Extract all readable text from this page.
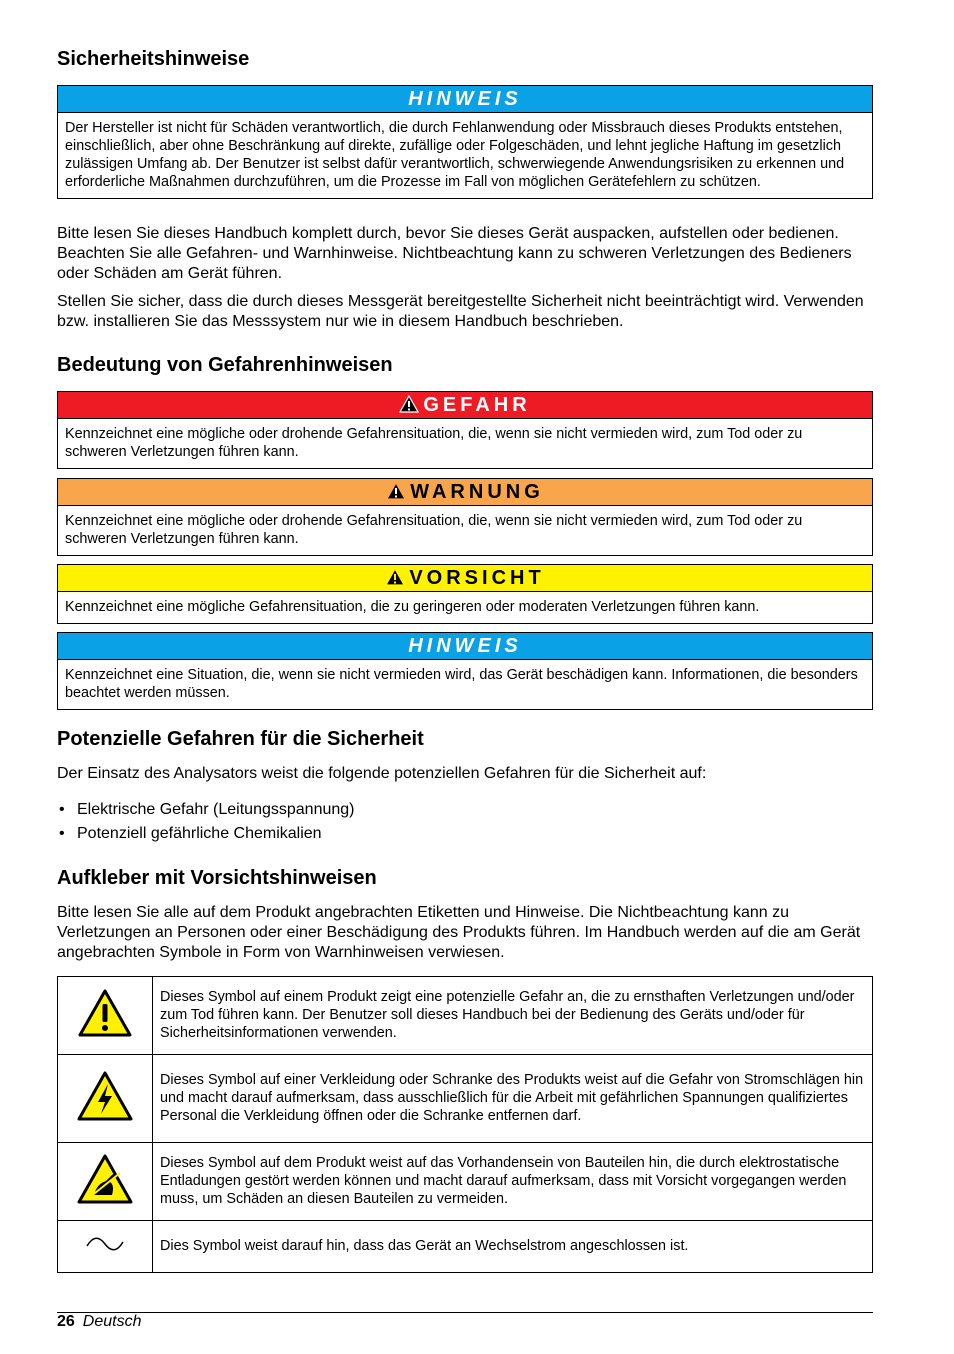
Sicherheitshinweise
HINWEIS
Der Hersteller ist nicht für Schäden verantwortlich, die durch Fehlanwendung oder Missbrauch dieses Produkts entstehen, einschließlich, aber ohne Beschränkung auf direkte, zufällige oder Folgeschäden, und lehnt jegliche Haftung im gesetzlich zulässigen Umfang ab. Der Benutzer ist selbst dafür verantwortlich, schwerwiegende Anwendungsrisiken zu erkennen und erforderliche Maßnahmen durchzuführen, um die Prozesse im Fall von möglichen Gerätefehlern zu schützen.

Bitte lesen Sie dieses Handbuch komplett durch, bevor Sie dieses Gerät auspacken, aufstellen oder bedienen. Beachten Sie alle Gefahren- und Warnhinweise. Nichtbeachtung kann zu schweren Verletzungen des Bedieners oder Schäden am Gerät führen.

Stellen Sie sicher, dass die durch dieses Messgerät bereitgestellte Sicherheit nicht beeinträchtigt wird. Verwenden bzw. installieren Sie das Messsystem nur wie in diesem Handbuch beschrieben.

Bedeutung von Gefahrenhinweisen
GEFAHR
Kennzeichnet eine mögliche oder drohende Gefahrensituation, die, wenn sie nicht vermieden wird, zum Tod oder zu schweren Verletzungen führen kann.
WARNUNG
Kennzeichnet eine mögliche oder drohende Gefahrensituation, die, wenn sie nicht vermieden wird, zum Tod oder zu schweren Verletzungen führen kann.
VORSICHT
Kennzeichnet eine mögliche Gefahrensituation, die zu geringeren oder moderaten Verletzungen führen kann.
HINWEIS
Kennzeichnet eine Situation, die, wenn sie nicht vermieden wird, das Gerät beschädigen kann. Informationen, die besonders beachtet werden müssen.
Potenzielle Gefahren für die Sicherheit

Der Einsatz des Analysators weist die folgende potenziellen Gefahren für die Sicherheit auf:

• Elektrische Gefahr (Leitungsspannung)
• Potenziell gefährliche Chemikalien
Aufkleber mit Vorsichtshinweisen

Bitte lesen Sie alle auf dem Produkt angebrachten Etiketten und Hinweise. Die Nichtbeachtung kann zu Verletzungen an Personen oder einer Beschädigung des Produkts führen. Im Handbuch werden auf die am Gerät angebrachten Symbole in Form von Warnhinweisen verwiesen.

	Dieses Symbol auf einem Produkt zeigt eine potenzielle Gefahr an, die zu ernsthaften Verletzungen und/oder zum Tod führen kann. Der Benutzer soll dieses Handbuch bei der Bedienung des Geräts und/oder für Sicherheitsinformationen verwenden.
	Dieses Symbol auf einer Verkleidung oder Schranke des Produkts weist auf die Gefahr von Stromschlägen hin und macht darauf aufmerksam, dass ausschließlich für die Arbeit mit gefährlichen Spannungen qualifiziertes Personal die Verkleidung öffnen oder die Schranke entfernen darf.
	Dieses Symbol auf dem Produkt weist auf das Vorhandensein von Bauteilen hin, die durch elektrostatische Entladungen gestört werden können und macht darauf aufmerksam, dass mit Vorsicht vorgegangen werden muss, um Schäden an diesen Bauteilen zu vermeiden.
	Dies Symbol weist darauf hin, dass das Gerät an Wechselstrom angeschlossen ist.
26 Deutsch
